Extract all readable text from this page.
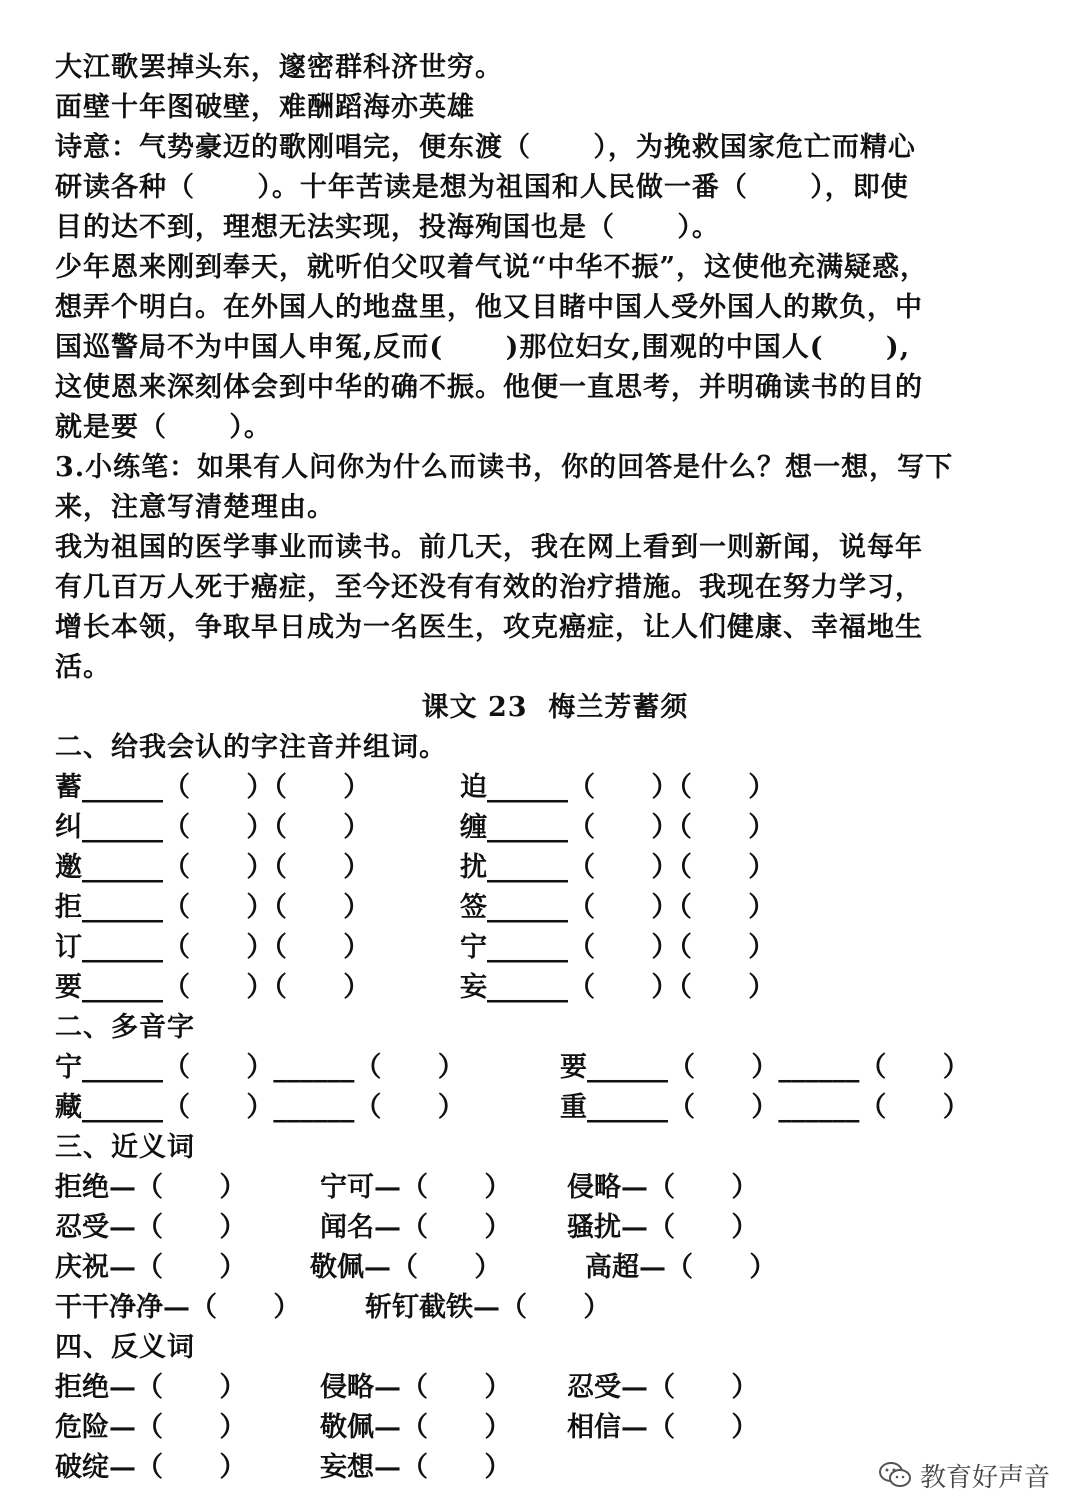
大江歌罢掉头东，邃密群科济世穷。
面壁十年图破壁，难酬蹈海亦英雄
诗意：气势豪迈的歌刚唱完，便东渡（      ），为挽救国家危亡而精心
研读各种（      ）。十年苦读是想为祖国和人民做一番（      ），即使
目的达不到，理想无法实现，投海殉国也是（      ）。
少年恩来刚到奉天，就听伯父叹着气说“中华不振”，这使他充满疑惑，
想弄个明白。在外国人的地盘里，他又目睹中国人受外国人的欺负，中
国巡警局不为中国人申冤,反而(      )那位妇女,围观的中国人(      ),
这使恩来深刻体会到中华的确不振。他便一直思考，并明确读书的目的
就是要（      ）。
3.小练笔：如果有人问你为什么而读书，你的回答是什么？想一想，写下
来，注意写清楚理由。
我为祖国的医学事业而读书。前几天，我在网上看到一则新闻，说每年
有几百万人死于癌症，至今还没有有效的治疗措施。我现在努力学习，
增长本领，争取早日成为一名医生，攻克癌症，让人们健康、幸福地生
活。
课文 23  梅兰芳蓄须
二、给我会认的字注音并组词。
蓄______（      ）（      ）	迫______（      ）（      ）
纠______（      ）（      ）	缠______（      ）（      ）
邀______（      ）（      ）	扰______（      ）（      ）
拒______（      ）（      ）	签______（      ）（      ）
订______（      ）（      ）	宁______（      ）（      ）
要______（      ）（      ）	妄______（      ）（      ）
二、多音字
宁______（      ）______（      ）	要______（      ）______（      ）
藏______（      ）______（      ）	重______（      ）______（      ）
三、近义词
拒绝—（      ）	宁可—（      ） 侵略—（      ）
忍受—（      ）	闻名—（      ） 骚扰—（      ）
庆祝—（      ） 敬佩—（      ）	高超—（      ）
干干净净—（      ） 斩钉截铁—（      ）
四、反义词
拒绝—（      ）	侵略—（      ） 忍受—（      ）
危险—（      ）	敬佩—（      ） 相信—（      ）
破绽—（      ）	妄想—（      ）	教育好声音
